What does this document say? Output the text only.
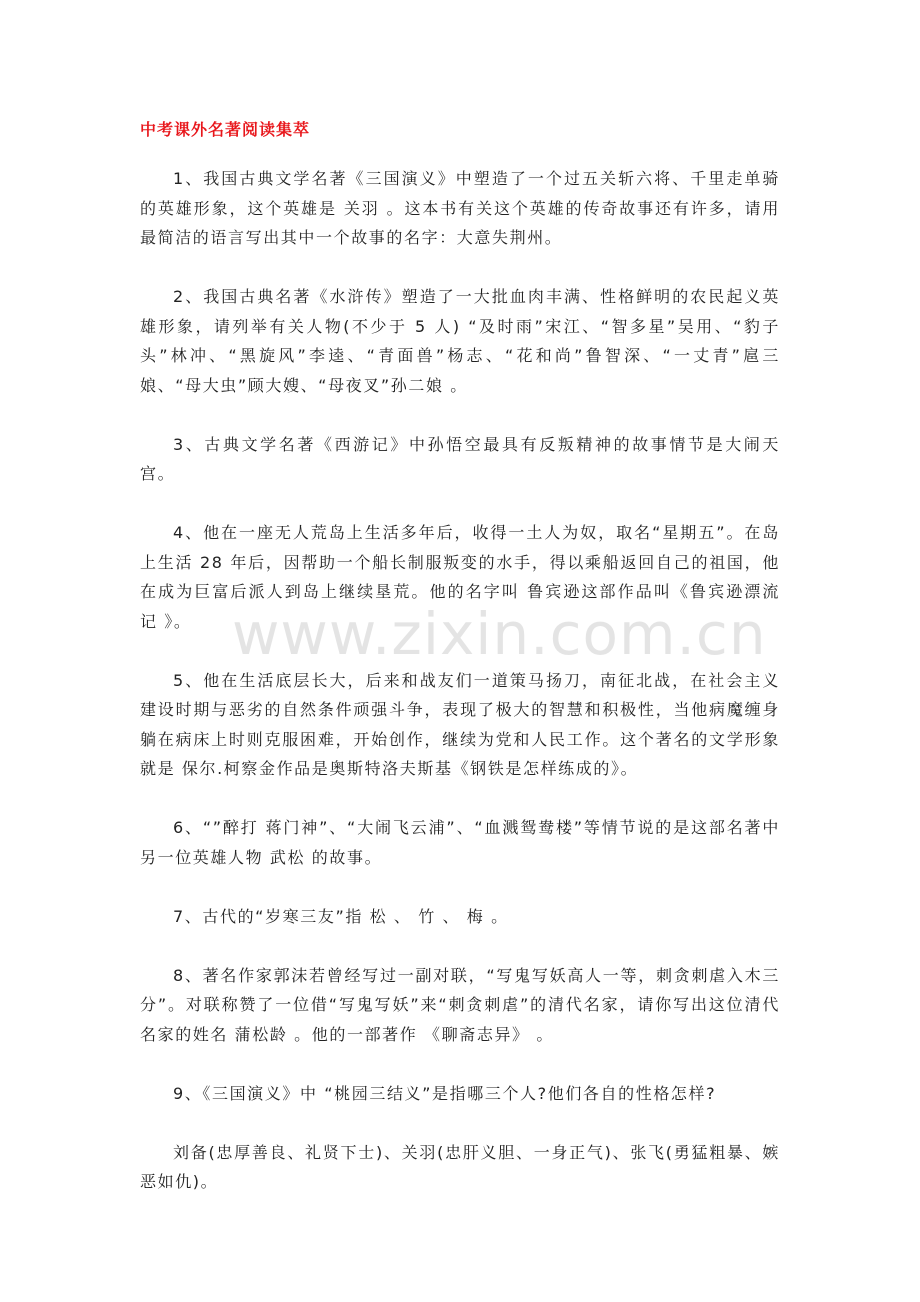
中考课外名著阅读集萃

1、我国古典文学名著《三国演义》中塑造了一个过五关斩六将、千里走单骑的英雄形象，这个英雄是 关羽 。这本书有关这个英雄的传奇故事还有许多，请用最简洁的语言写出其中一个故事的名字：大意失荆州。

2、我国古典名著《水浒传》塑造了一大批血肉丰满、性格鲜明的农民起义英雄形象，请列举有关人物(不少于 5 人) “及时雨”宋江、“智多星”吴用、“豹子头”林冲、“黑旋风”李逵、“青面兽”杨志、“花和尚”鲁智深、“一丈青”扈三娘、“母大虫”顾大嫂、“母夜叉”孙二娘 。

3、古典文学名著《西游记》中孙悟空最具有反叛精神的故事情节是大闹天宫。

4、他在一座无人荒岛上生活多年后，收得一土人为奴，取名“星期五”。在岛上生活 28 年后，因帮助一个船长制服叛变的水手，得以乘船返回自己的祖国，他在成为巨富后派人到岛上继续垦荒。他的名字叫 鲁宾逊这部作品叫《鲁宾逊漂流记 》。

5、他在生活底层长大，后来和战友们一道策马扬刀，南征北战，在社会主义建设时期与恶劣的自然条件顽强斗争，表现了极大的智慧和积极性，当他病魔缠身躺在病床上时则克服困难，开始创作，继续为党和人民工作。这个著名的文学形象就是 保尔.柯察金作品是奥斯特洛夫斯基《钢铁是怎样练成的》。

6、“”醉打 蒋门神”、“大闹飞云浦”、“血溅鸳鸯楼”等情节说的是这部名著中另一位英雄人物 武松 的故事。

7、古代的“岁寒三友”指 松 、 竹 、 梅 。

8、著名作家郭沫若曾经写过一副对联，“写鬼写妖高人一等，刺贪刺虐入木三分”。对联称赞了一位借“写鬼写妖”来“刺贪刺虐”的清代名家，请你写出这位清代名家的姓名 蒲松龄 。他的一部著作 《聊斋志异》 。

9、《三国演义》中 “桃园三结义”是指哪三个人?他们各自的性格怎样?

刘备(忠厚善良、礼贤下士)、关羽(忠肝义胆、一身正气)、张飞(勇猛粗暴、嫉恶如仇)。

www.zixin.com.cn
